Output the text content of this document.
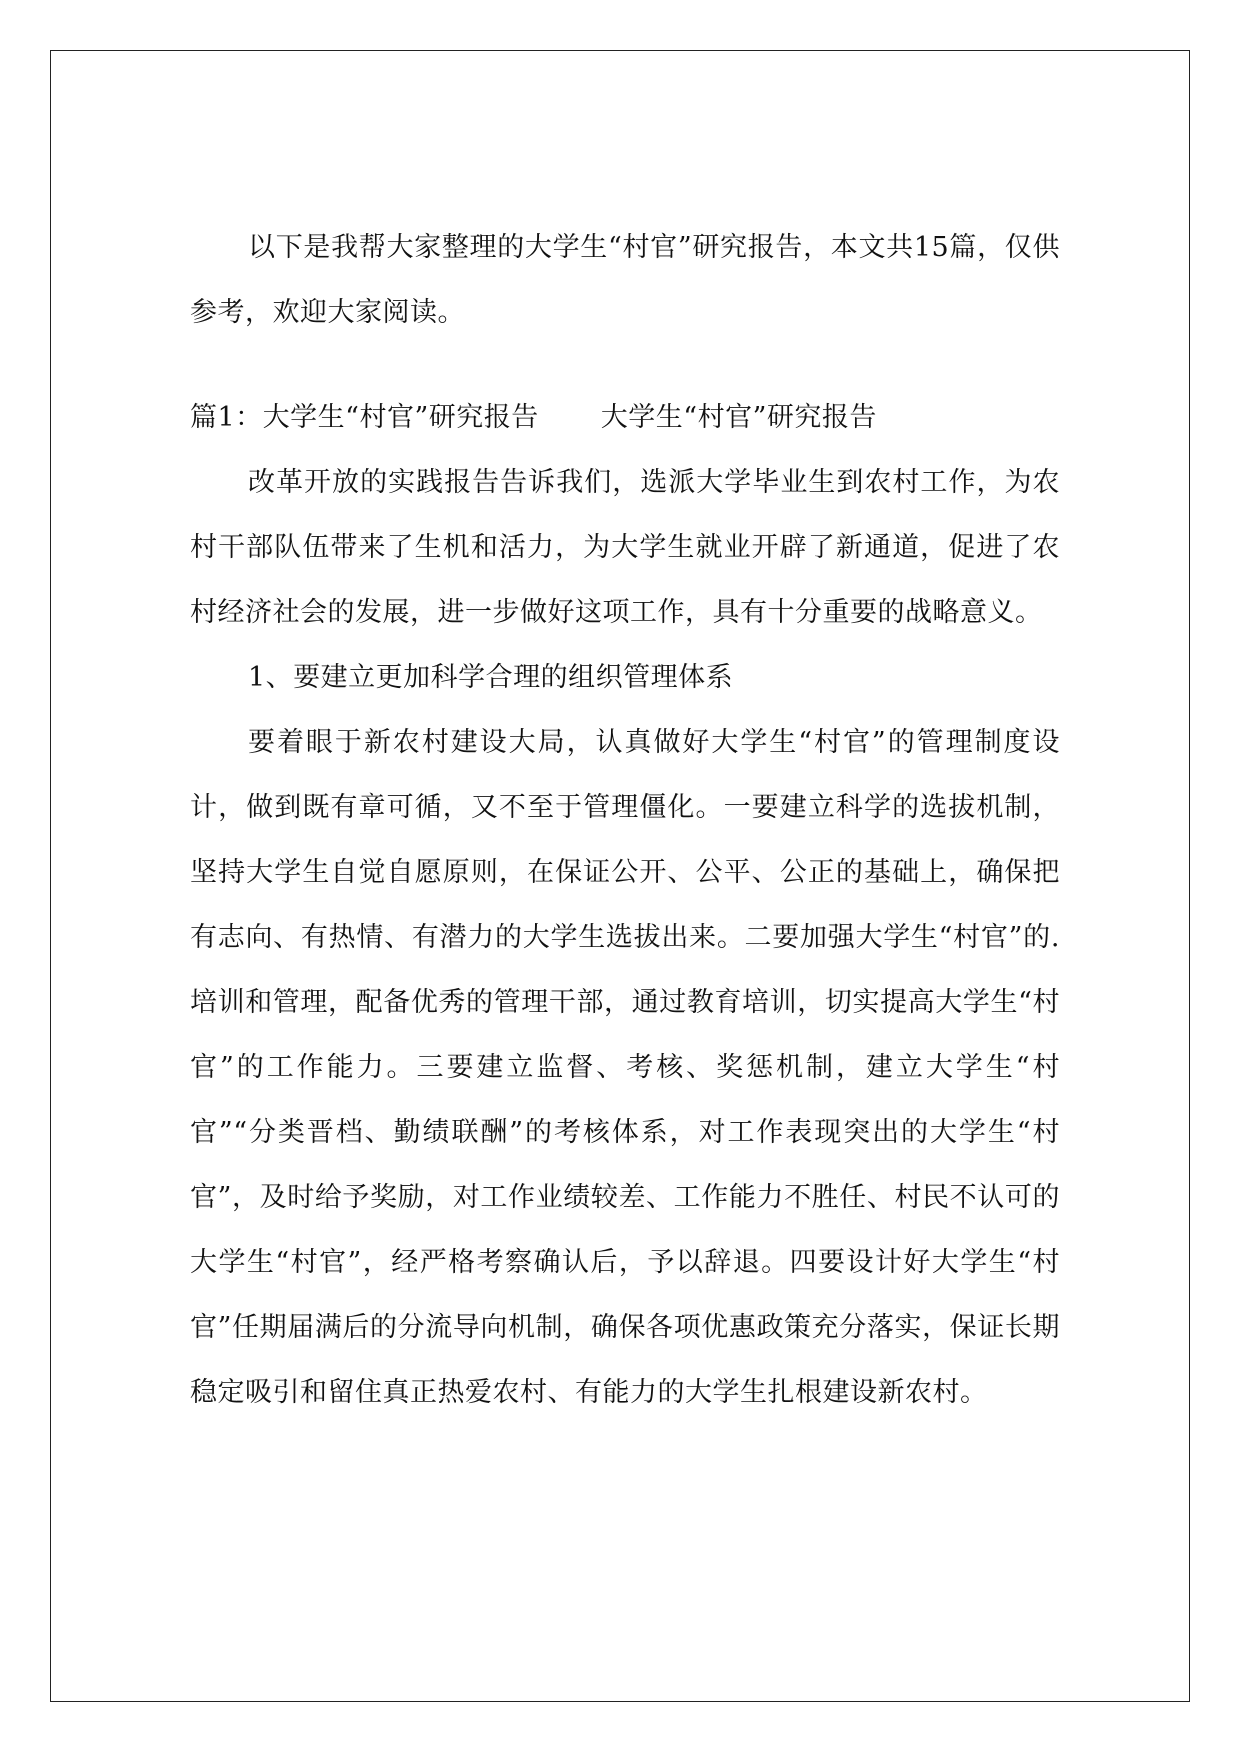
以下是我帮大家整理的大学生“村官”研究报告，本文共15篇，仅供参考，欢迎大家阅读。

篇1：大学生“村官”研究报告 大学生“村官”研究报告

改革开放的实践报告告诉我们，选派大学毕业生到农村工作，为农村干部队伍带来了生机和活力，为大学生就业开辟了新通道，促进了农村经济社会的发展，进一步做好这项工作，具有十分重要的战略意义。

1、要建立更加科学合理的组织管理体系

要着眼于新农村建设大局，认真做好大学生“村官”的管理制度设计，做到既有章可循，又不至于管理僵化。一要建立科学的选拔机制，坚持大学生自觉自愿原则，在保证公开、公平、公正的基础上，确保把有志向、有热情、有潜力的大学生选拔出来。二要加强大学生“村官”的.培训和管理，配备优秀的管理干部，通过教育培训，切实提高大学生“村官”的工作能力。三要建立监督、考核、奖惩机制，建立大学生“村官”“分类晋档、勤绩联酬”的考核体系，对工作表现突出的大学生“村官”，及时给予奖励，对工作业绩较差、工作能力不胜任、村民不认可的大学生“村官”，经严格考察确认后，予以辞退。四要设计好大学生“村官”任期届满后的分流导向机制，确保各项优惠政策充分落实，保证长期稳定吸引和留住真正热爱农村、有能力的大学生扎根建设新农村。
